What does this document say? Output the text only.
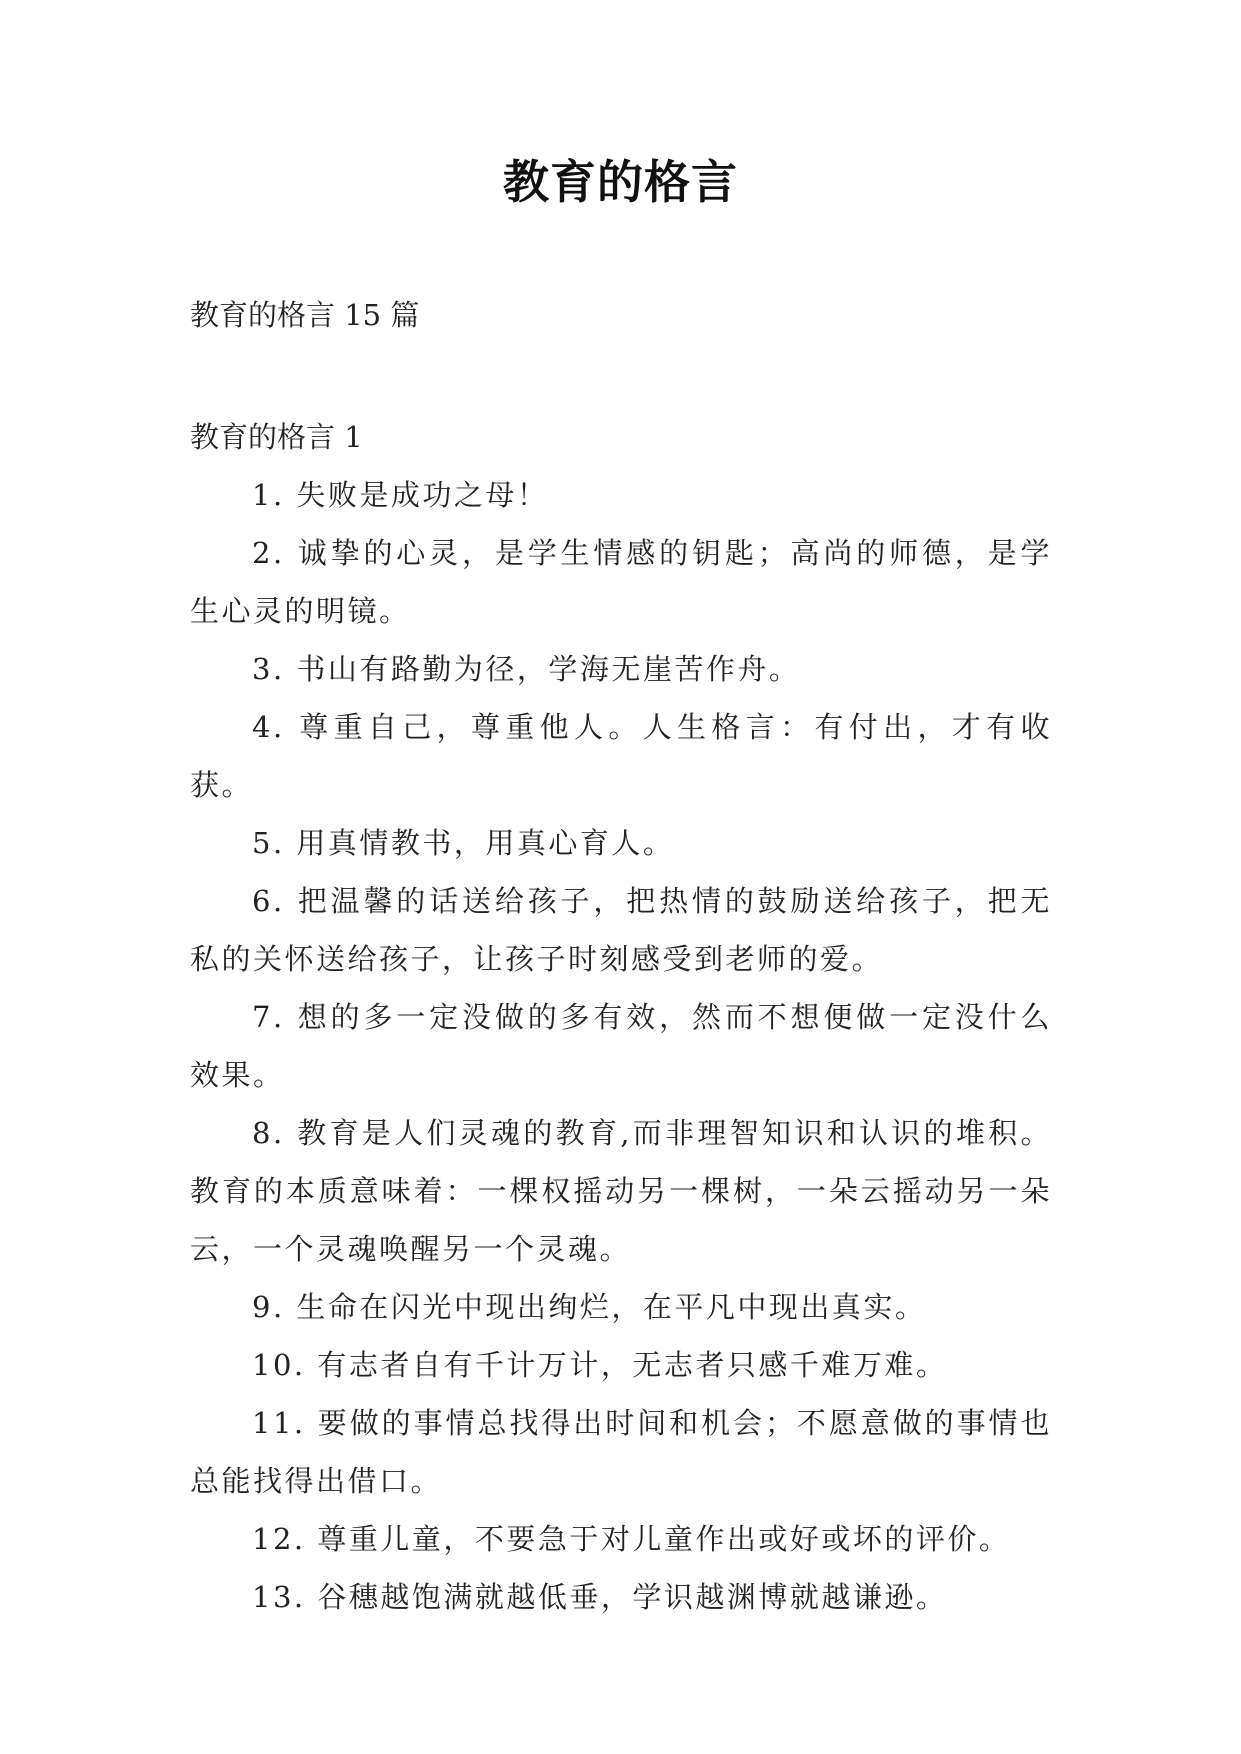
教育的格言

教育的格言 15 篇

教育的格言 1

1. 失败是成功之母！

2. 诚挚的心灵，是学生情感的钥匙；高尚的师德，是学生心灵的明镜。

3. 书山有路勤为径，学海无崖苦作舟。

4. 尊重自己，尊重他人。人生格言：有付出，才有收获。

5. 用真情教书，用真心育人。

6. 把温馨的话送给孩子，把热情的鼓励送给孩子，把无私的关怀送给孩子，让孩子时刻感受到老师的爱。

7. 想的多一定没做的多有效，然而不想便做一定没什么效果。

8. 教育是人们灵魂的教育,而非理智知识和认识的堆积。教育的本质意味着：一棵权摇动另一棵树，一朵云摇动另一朵云，一个灵魂唤醒另一个灵魂。

9. 生命在闪光中现出绚烂，在平凡中现出真实。

10. 有志者自有千计万计，无志者只感千难万难。

11. 要做的事情总找得出时间和机会；不愿意做的事情也总能找得出借口。

12. 尊重儿童，不要急于对儿童作出或好或坏的评价。

13. 谷穗越饱满就越低垂，学识越渊博就越谦逊。
